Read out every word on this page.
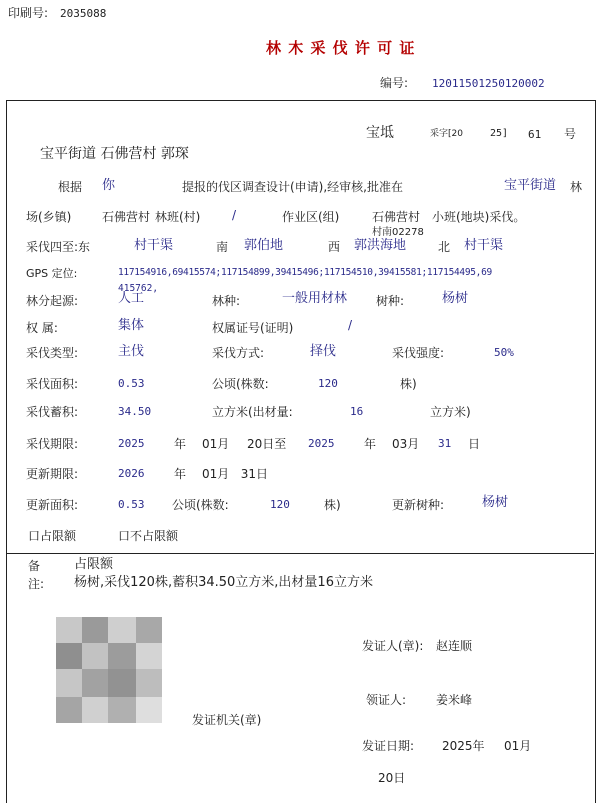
印刷号: 2035088
林 木 采 伐 许 可 证
编号: 12011501250120002
宝坻	采字[20	25] 61 号
宝平街道 石佛营村 郭琛
根据 你	提报的伐区调查设计(申请),经审核,批准在	宝平街道 林
场(乡镇)	石佛营村 林班(村)	/	作业区(组)	石佛营村 小班(地块)采伐。
村南02278
采伐四至:东	村干渠	南 郭伯地	西 郭洪海地	北 村干渠
GPS 定位:	117154916,69415574;117154899,39415496;117154510,39415581;117154495,69
415762,
林分起源:	人工	林种:	一般用材林 树种:	杨树
权 属:	集体	权属证号(证明)	/
采伐类型:	主伐	采伐方式:	择伐	采伐强度:	50%
采伐面积:	0.53	公顷(株数:	120	株)
采伐蓄积:	34.50	立方米(出材量:	16	立方米)
采伐期限:	2025 年 01月 20日至 2025 年 03月 31 日
更新期限:	2026 年 01月   31日
更新面积:	0.53 公顷(株数:	120	株)	更新树种:	杨树
口占限额	口不占限额
备	占限额
注: 杨树,采伐120株,蓄积34.50立方米,出材量16立方米
发证人(章): 赵连顺
领证人: 姜米峰
发证机关(章)
发证日期: 2025年 01月
20日
